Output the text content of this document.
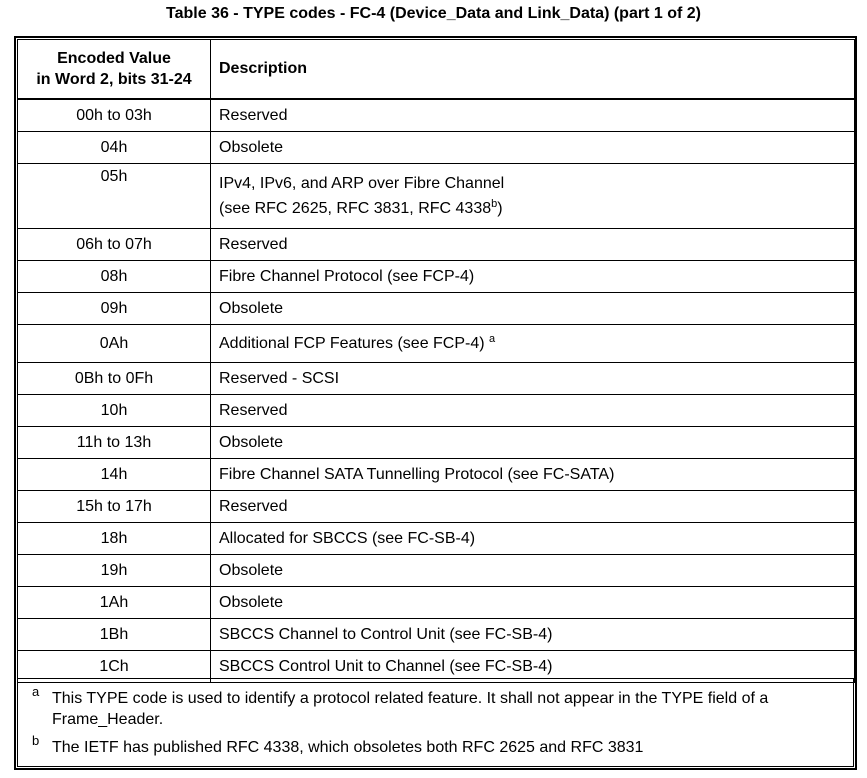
Table 36 - TYPE codes - FC-4 (Device_Data and Link_Data) (part 1 of 2)
Encoded Value
in Word 2, bits 31-24	Description
00h to 03h	Reserved
04h	Obsolete
05h	IPv4, IPv6, and ARP over Fibre Channel
(see RFC 2625, RFC 3831, RFC 4338$^b$)
06h to 07h	Reserved
08h	Fibre Channel Protocol (see FCP-4)
09h	Obsolete
0Ah	Additional FCP Features (see FCP-4) $^a$
0Bh to 0Fh	Reserved - SCSI
10h	Reserved
11h to 13h	Obsolete
14h	Fibre Channel SATA Tunnelling Protocol (see FC-SATA)
15h to 17h	Reserved
18h	Allocated for SBCCS (see FC-SB-4)
19h	Obsolete
1Ah	Obsolete
1Bh	SBCCS Channel to Control Unit (see FC-SB-4)
1Ch	SBCCS Control Unit to Channel (see FC-SB-4)
a This TYPE code is used to identify a protocol related feature. It shall not appear in the TYPE field of a Frame_Header.
b The IETF has published RFC 4338, which obsoletes both RFC 2625 and RFC 3831
